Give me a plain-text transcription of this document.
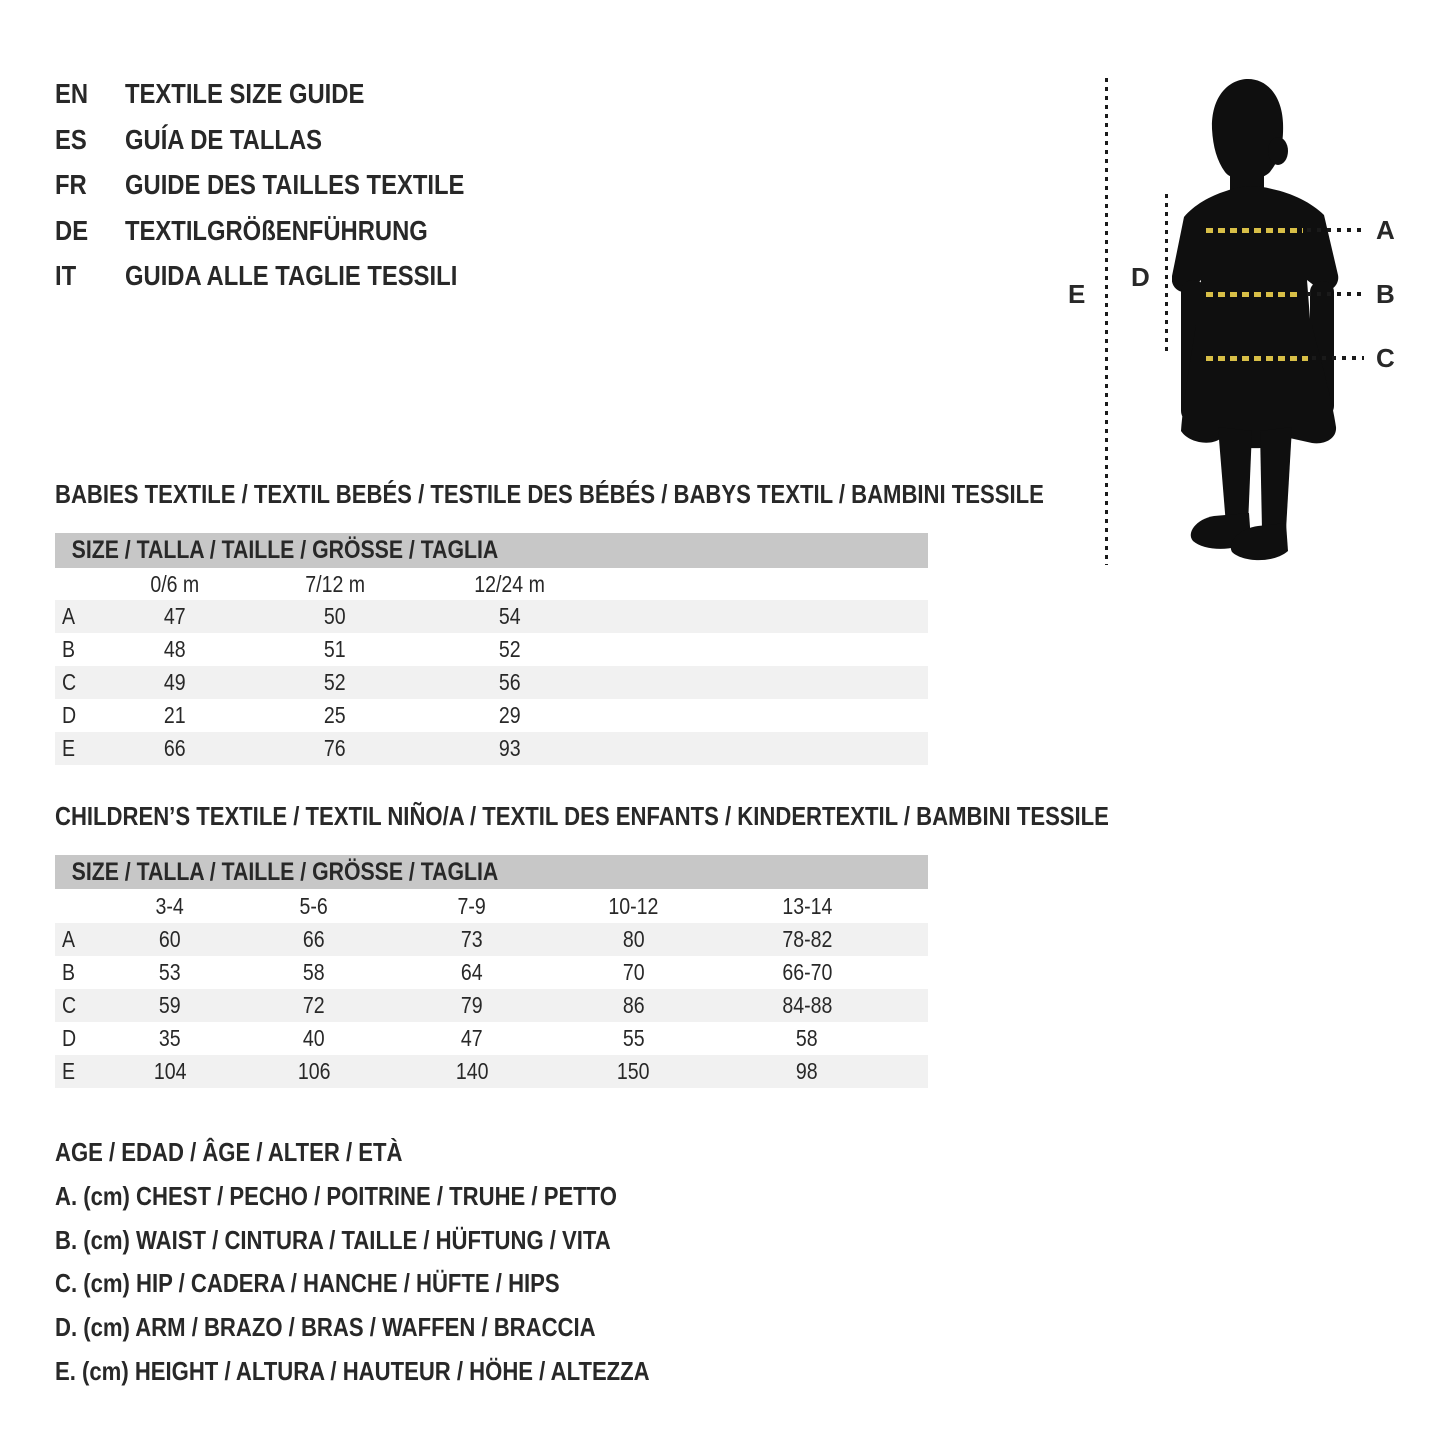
EN TEXTILE SIZE GUIDE
ES GUÍA DE TALLAS
FR GUIDE DES TAILLES TEXTILE
DE TEXTILGRÖßENFÜHRUNG
IT GUIDA ALLE TAGLIE TESSILI
E
D
A
B
C
BABIES TEXTILE / TEXTIL BEBÉS / TESTILE DES BÉBÉS / BABYS TEXTIL / BAMBINI TESSILE
SIZE / TALLA / TAILLE / GRÖSSE / TAGLIA
	0/6 m	7/12 m	12/24 m	
A	47	50	54	
B	48	51	52	
C	49	52	56	
D	21	25	29	
E	66	76	93	
CHILDREN’S TEXTILE / TEXTIL NIÑO/A / TEXTIL DES ENFANTS / KINDERTEXTIL / BAMBINI TESSILE
SIZE / TALLA / TAILLE / GRÖSSE / TAGLIA
	3-4	5-6	7-9	10-12	13-14	
A	60	66	73	80	78-82	
B	53	58	64	70	66-70	
C	59	72	79	86	84-88	
D	35	40	47	55	58	
E	104	106	140	150	98	
AGE / EDAD / ÂGE / ALTER / ETÀ
A. (cm) CHEST / PECHO / POITRINE / TRUHE / PETTO
B. (cm) WAIST / CINTURA / TAILLE / HÜFTUNG / VITA
C. (cm) HIP / CADERA / HANCHE / HÜFTE / HIPS
D. (cm) ARM / BRAZO / BRAS / WAFFEN / BRACCIA
E. (cm) HEIGHT / ALTURA / HAUTEUR / HÖHE / ALTEZZA
